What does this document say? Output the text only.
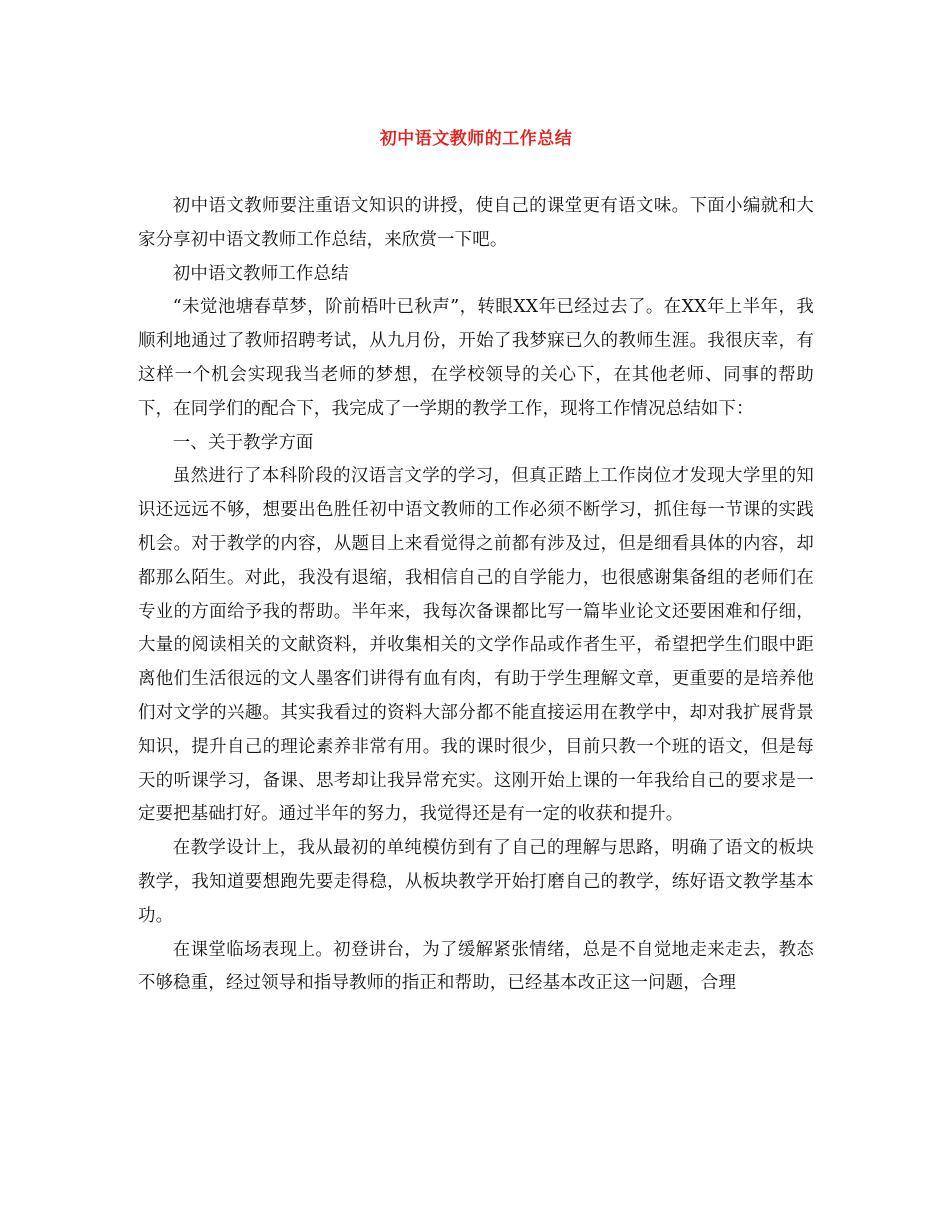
初中语文教师的工作总结

初中语文教师要注重语文知识的讲授，使自己的课堂更有语文味。下面小编就和大家分享初中语文教师工作总结，来欣赏一下吧。

初中语文教师工作总结

“未觉池塘春草梦，阶前梧叶已秋声”，转眼XX年已经过去了。在XX年上半年，我顺利地通过了教师招聘考试，从九月份，开始了我梦寐已久的教师生涯。我很庆幸，有这样一个机会实现我当老师的梦想，在学校领导的关心下，在其他老师、同事的帮助下，在同学们的配合下，我完成了一学期的教学工作，现将工作情况总结如下：

一、关于教学方面

虽然进行了本科阶段的汉语言文学的学习，但真正踏上工作岗位才发现大学里的知识还远远不够，想要出色胜任初中语文教师的工作必须不断学习，抓住每一节课的实践机会。对于教学的内容，从题目上来看觉得之前都有涉及过，但是细看具体的内容，却都那么陌生。对此，我没有退缩，我相信自己的自学能力，也很感谢集备组的老师们在专业的方面给予我的帮助。半年来，我每次备课都比写一篇毕业论文还要困难和仔细，大量的阅读相关的文献资料，并收集相关的文学作品或作者生平，希望把学生们眼中距离他们生活很远的文人墨客们讲得有血有肉，有助于学生理解文章，更重要的是培养他们对文学的兴趣。其实我看过的资料大部分都不能直接运用在教学中，却对我扩展背景知识，提升自己的理论素养非常有用。我的课时很少，目前只教一个班的语文，但是每天的听课学习，备课、思考却让我异常充实。这刚开始上课的一年我给自己的要求是一定要把基础打好。通过半年的努力，我觉得还是有一定的收获和提升。

在教学设计上，我从最初的单纯模仿到有了自己的理解与思路，明确了语文的板块教学，我知道要想跑先要走得稳，从板块教学开始打磨自己的教学，练好语文教学基本功。

在课堂临场表现上。初登讲台，为了缓解紧张情绪，总是不自觉地走来走去，教态不够稳重，经过领导和指导教师的指正和帮助，已经基本改正这一问题，合理
